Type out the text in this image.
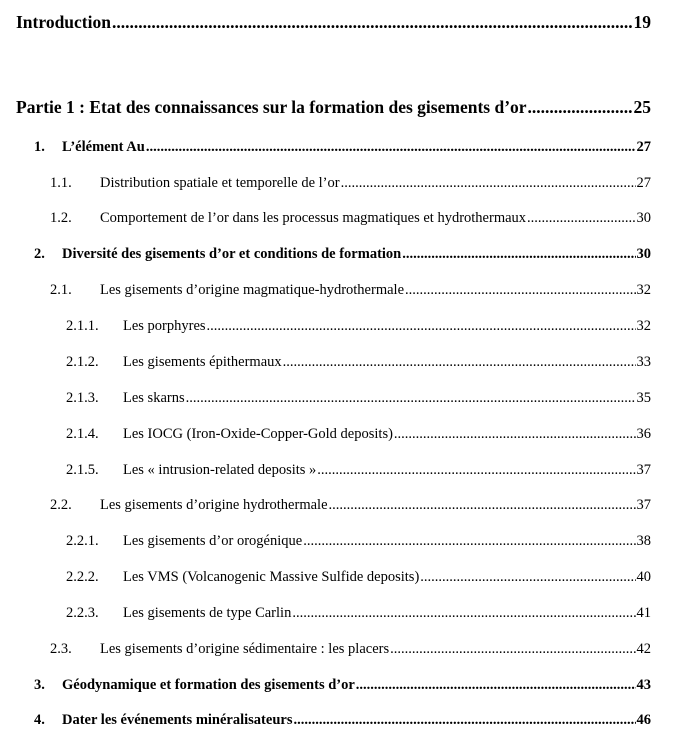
Introduction .....	19
Partie 1 : Etat des connaissances sur la formation des gisements d’or .....	25
1.	L’élément Au .....	27
1.1.	Distribution spatiale et temporelle de l’or .....	27
1.2.	Comportement de l’or dans les processus magmatiques et hydrothermaux .....	30
2.	Diversité des gisements d’or et conditions de formation .....	30
2.1.	Les gisements d’origine magmatique-hydrothermale .....	32
2.1.1.	Les porphyres .....	32
2.1.2.	Les gisements épithermaux .....	33
2.1.3.	Les skarns .....	35
2.1.4.	Les IOCG (Iron-Oxide-Copper-Gold deposits) .....	36
2.1.5.	Les « intrusion-related deposits » .....	37
2.2.	Les gisements d’origine hydrothermale .....	37
2.2.1.	Les gisements d’or orogénique .....	38
2.2.2.	Les VMS (Volcanogenic Massive Sulfide deposits) .....	40
2.2.3.	Les gisements de type Carlin .....	41
2.3.	Les gisements d’origine sédimentaire : les placers .....	42
3.	Géodynamique et formation des gisements d’or .....	43
4.	Dater les événements minéralisateurs .....	46
